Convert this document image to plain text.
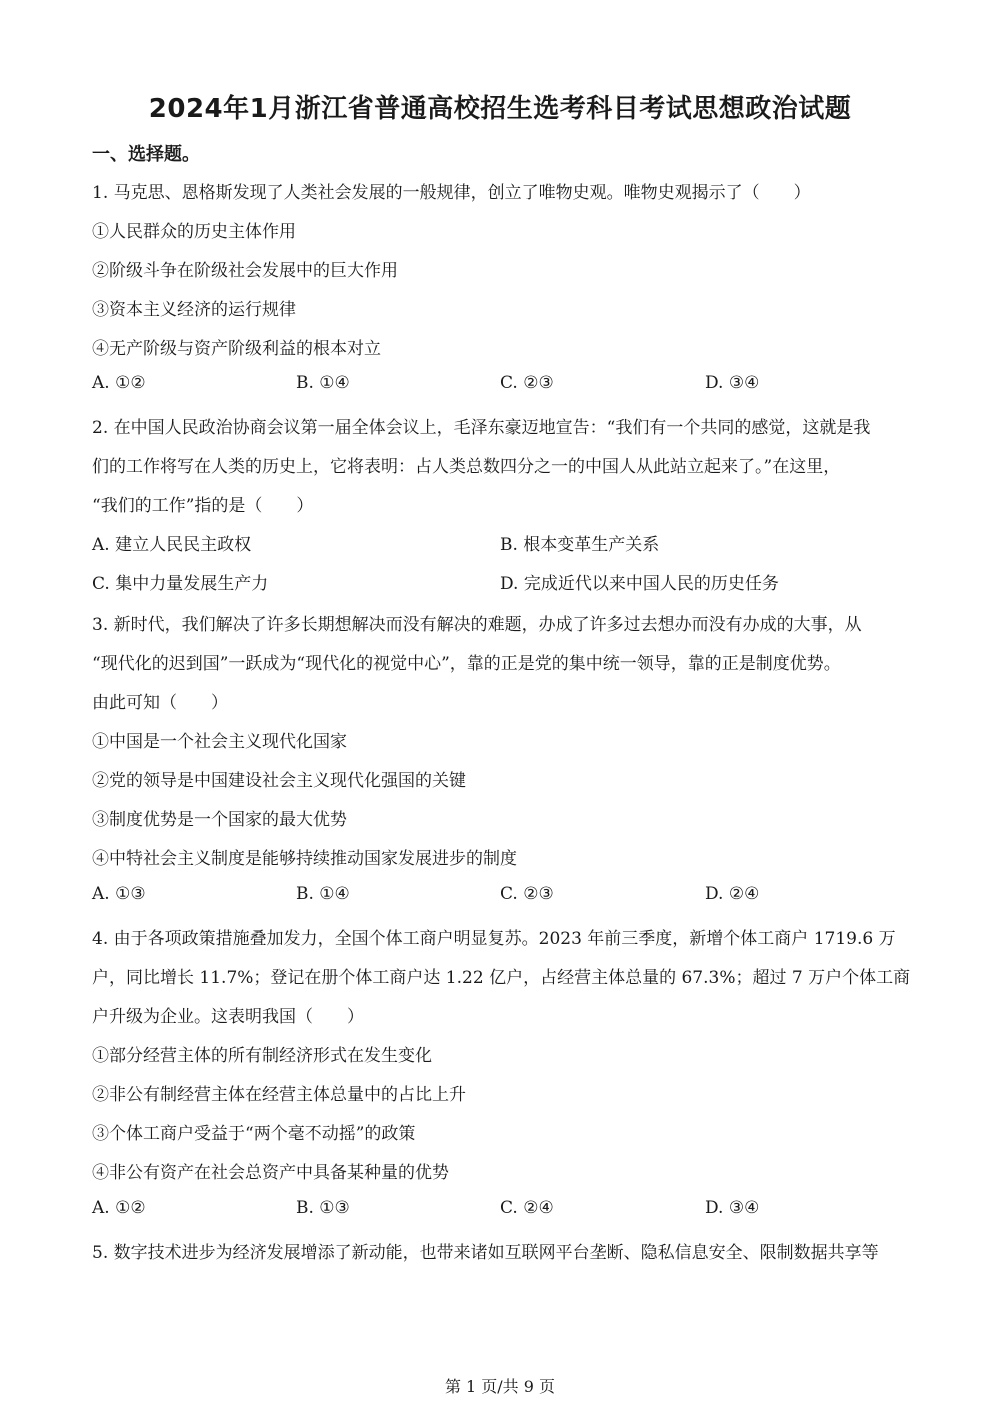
2024年1月浙江省普通高校招生选考科目考试思想政治试题
一、选择题。
1. 马克思、恩格斯发现了人类社会发展的一般规律，创立了唯物史观。唯物史观揭示了（　　）
①人民群众的历史主体作用
②阶级斗争在阶级社会发展中的巨大作用
③资本主义经济的运行规律
④无产阶级与资产阶级利益的根本对立
A. ①②	B. ①④	C. ②③	D. ③④
2. 在中国人民政治协商会议第一届全体会议上，毛泽东豪迈地宣告：“我们有一个共同的感觉，这就是我
们的工作将写在人类的历史上，它将表明：占人类总数四分之一的中国人从此站立起来了。”在这里，
“我们的工作”指的是（　　）
A. 建立人民民主政权	B. 根本变革生产关系
C. 集中力量发展生产力	D. 完成近代以来中国人民的历史任务
3. 新时代，我们解决了许多长期想解决而没有解决的难题，办成了许多过去想办而没有办成的大事，从
“现代化的迟到国”一跃成为“现代化的视觉中心”，靠的正是党的集中统一领导，靠的正是制度优势。
由此可知（　　）
①中国是一个社会主义现代化国家
②党的领导是中国建设社会主义现代化强国的关键
③制度优势是一个国家的最大优势
④中特社会主义制度是能够持续推动国家发展进步的制度
A. ①③	B. ①④	C. ②③	D. ②④
4. 由于各项政策措施叠加发力，全国个体工商户明显复苏。2023 年前三季度，新增个体工商户 1719.6 万
户，同比增长 11.7%；登记在册个体工商户达 1.22 亿户，占经营主体总量的 67.3%；超过 7 万户个体工商
户升级为企业。这表明我国（　　）
①部分经营主体的所有制经济形式在发生变化
②非公有制经营主体在经营主体总量中的占比上升
③个体工商户受益于“两个毫不动摇”的政策
④非公有资产在社会总资产中具备某种量的优势
A. ①②	B. ①③	C. ②④	D. ③④
5. 数字技术进步为经济发展增添了新动能，也带来诸如互联网平台垄断、隐私信息安全、限制数据共享等
第 1 页/共 9 页
